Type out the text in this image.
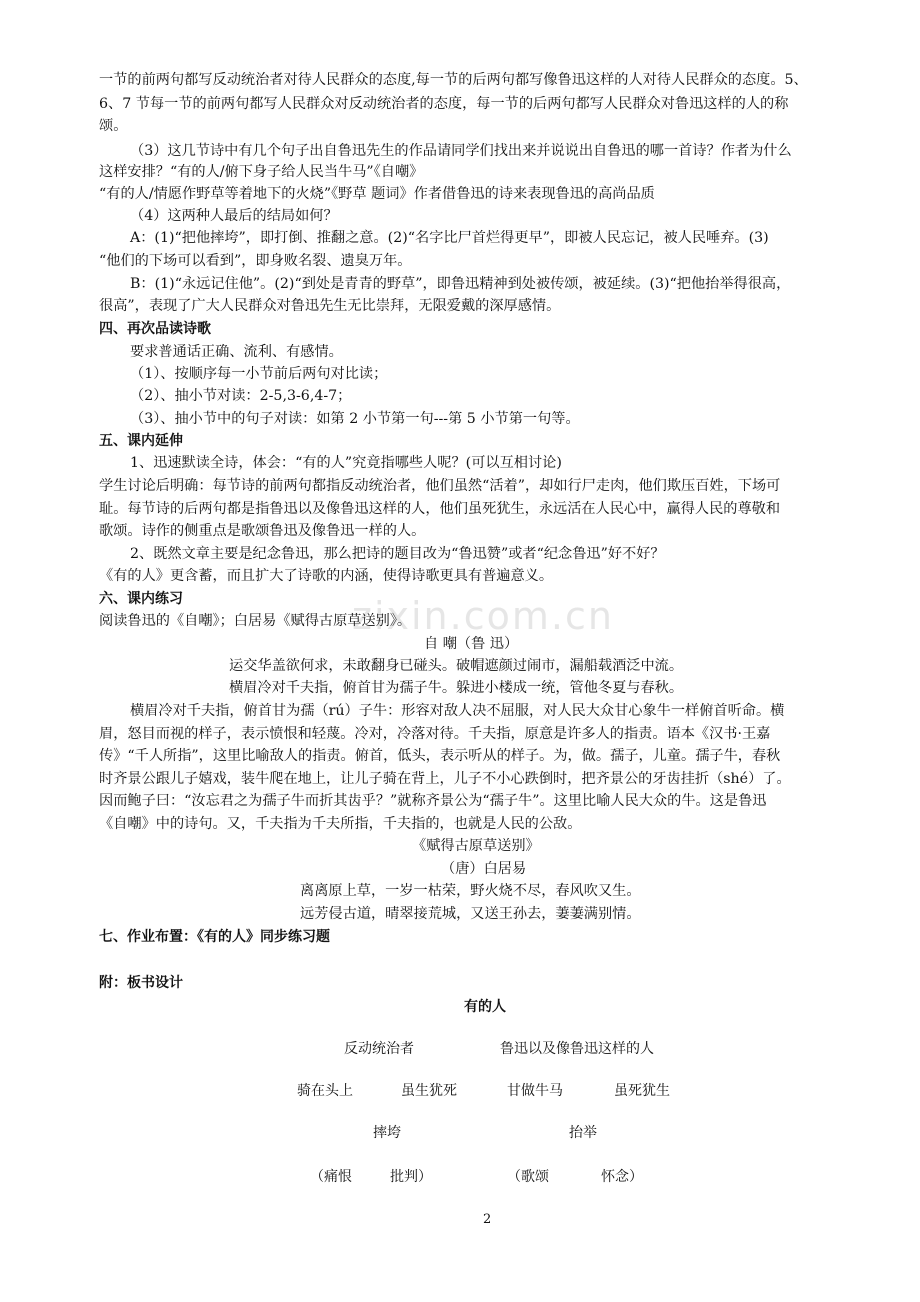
zixin.com.cn
一节的前两句都写反动统治者对待人民群众的态度,每一节的后两句都写像鲁迅这样的人对待人民群众的态度。5、
6、7 节每一节的前两句都写人民群众对反动统治者的态度，每一节的后两句都写人民群众对鲁迅这样的人的称
颂。
（3）这几节诗中有几个句子出自鲁迅先生的作品请同学们找出来并说说出自鲁迅的哪一首诗？作者为什么
这样安排？“有的人/俯下身子给人民当牛马”《自嘲》
“有的人/情愿作野草等着地下的火烧”《野草 题词》作者借鲁迅的诗来表现鲁迅的高尚品质
（4）这两种人最后的结局如何？
A：(1)“把他摔垮”，即打倒、推翻之意。(2)“名字比尸首烂得更早”，即被人民忘记，被人民唾弃。(3)
“他们的下场可以看到”，即身败名裂、遗臭万年。
B：(1)“永远记住他”。(2)“到处是青青的野草”，即鲁迅精神到处被传颂，被延续。(3)“把他抬举得很高，
很高”，表现了广大人民群众对鲁迅先生无比崇拜，无限爱戴的深厚感情。
四、再次品读诗歌
要求普通话正确、流利、有感情。
（1）、按顺序每一小节前后两句对比读；
（2）、抽小节对读：2-5,3-6,4-7；
（3）、抽小节中的句子对读：如第 2 小节第一句---第 5 小节第一句等。
五、课内延伸
1、迅速默读全诗，体会：“有的人”究竟指哪些人呢？(可以互相讨论)
学生讨论后明确：每节诗的前两句都指反动统治者，他们虽然“活着”，却如行尸走肉，他们欺压百姓，下场可
耻。每节诗的后两句都是指鲁迅以及像鲁迅这样的人，他们虽死犹生，永远活在人民心中，赢得人民的尊敬和
歌颂。诗作的侧重点是歌颂鲁迅及像鲁迅一样的人。
2、既然文章主要是纪念鲁迅，那么把诗的题目改为“鲁迅赞”或者“纪念鲁迅”好不好？
《有的人》更含蓄，而且扩大了诗歌的内涵，使得诗歌更具有普遍意义。
六、课内练习
阅读鲁迅的《自嘲》；白居易《赋得古原草送别》。
自 嘲（鲁 迅）
运交华盖欲何求，未敢翻身已碰头。破帽遮颜过闹市，漏船载酒泛中流。
横眉冷对千夫指，俯首甘为孺子牛。躲进小楼成一统，管他冬夏与春秋。
横眉冷对千夫指，俯首甘为孺（rú）子牛：形容对敌人决不屈服，对人民大众甘心象牛一样俯首听命。横
眉，怒目而视的样子，表示愤恨和轻蔑。冷对，冷落对待。千夫指，原意是许多人的指责。语本《汉书·王嘉
传》“千人所指”，这里比喻敌人的指责。俯首，低头，表示听从的样子。为，做。孺子，儿童。孺子牛，春秋
时齐景公跟儿子嬉戏，装牛爬在地上，让儿子骑在背上，儿子不小心跌倒时，把齐景公的牙齿挂折（shé）了。
因而鲍子曰：“汝忘君之为孺子牛而折其齿乎？”就称齐景公为“孺子牛”。这里比喻人民大众的牛。这是鲁迅
《自嘲》中的诗句。又，千夫指为千夫所指，千夫指的，也就是人民的公敌。
《赋得古原草送别》
（唐）白居易
离离原上草，一岁一枯荣，野火烧不尽，春风吹又生。
远芳侵古道，晴翠接荒城，又送王孙去，萋萋满别情。
七、作业布置：《有的人》同步练习题
附：板书设计
有的人
反动统治者	鲁迅以及像鲁迅这样的人
骑在头上	虽生犹死	甘做牛马	虽死犹生
摔垮	抬举
（痛恨	批判）	（歌颂	怀念）
2
